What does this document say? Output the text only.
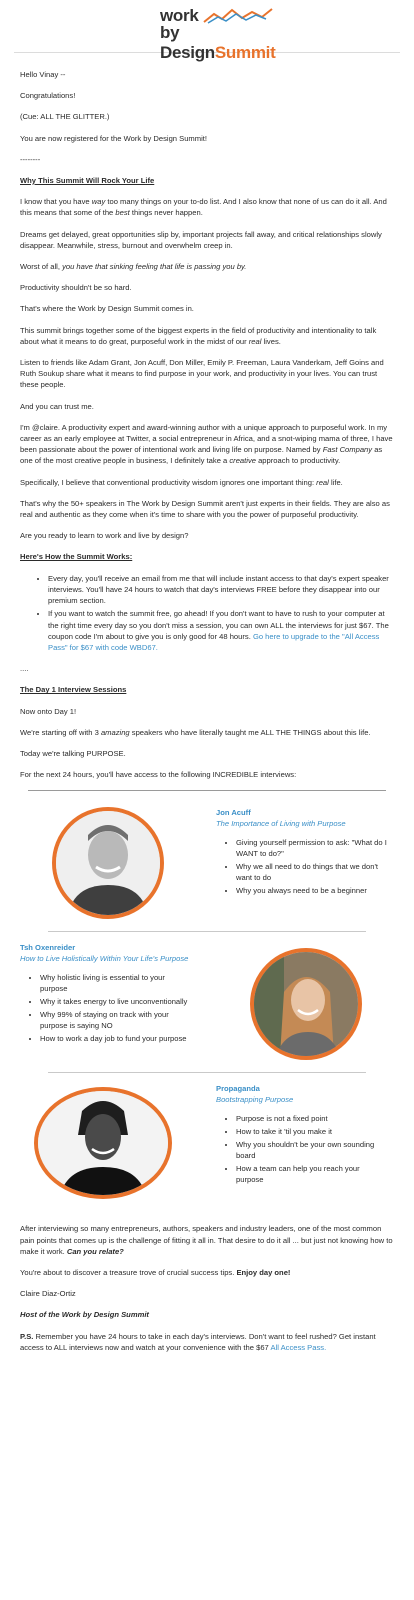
work
by DesignSummit

Hello Vinay --

Congratulations!

(Cue: ALL THE GLITTER.)

You are now registered for the Work by Design Summit!

--------

Why This Summit Will Rock Your Life

I know that you have way too many things on your to-do list. And I also know that none of us can do it all. And this means that some of the best things never happen.

Dreams get delayed, great opportunities slip by, important projects fall away, and critical relationships slowly disappear. Meanwhile, stress, burnout and overwhelm creep in.

Worst of all, you have that sinking feeling that life is passing you by.

Productivity shouldn't be so hard.

That's where the Work by Design Summit comes in.

This summit brings together some of the biggest experts in the field of productivity and intentionality to talk about what it means to do great, purposeful work in the midst of our real lives.

Listen to friends like Adam Grant, Jon Acuff, Don Miller, Emily P. Freeman, Laura Vanderkam, Jeff Goins and Ruth Soukup share what it means to find purpose in your work, and productivity in your lives. You can trust these people.

And you can trust me.

I'm @claire. A productivity expert and award-winning author with a unique approach to purposeful work. In my career as an early employee at Twitter, a social entrepreneur in Africa, and a snot-wiping mama of three, I have been passionate about the power of intentional work and living life on purpose. Named by Fast Company as one of the most creative people in business, I definitely take a creative approach to productivity.

Specifically, I believe that conventional productivity wisdom ignores one important thing: real life.

That's why the 50+ speakers in The Work by Design Summit aren't just experts in their fields. They are also as real and authentic as they come when it's time to share with you the power of purposeful productivity.

Are you ready to learn to work and live by design?

Here's How the Summit Works:
• Every day, you'll receive an email from me that will include instant access to that day's expert speaker interviews. You'll have 24 hours to watch that day's interviews FREE before they disappear into our premium section.
• If you want to watch the summit free, go ahead! If you don't want to have to rush to your computer at the right time every day so you don't miss a session, you can own ALL the interviews for just $67. The coupon code I'm about to give you is only good for 48 hours. Go here to upgrade to the "All Access Pass" for $67 with code WBD67.

....

The Day 1 Interview Sessions

Now onto Day 1!

We're starting off with 3 amazing speakers who have literally taught me ALL THE THINGS about this life.

Today we're talking PURPOSE.

For the next 24 hours, you'll have access to the following INCREDIBLE interviews:

Jon Acuff
The Importance of Living with Purpose
• Giving yourself permission to ask: "What do I WANT to do?"
• Why we all need to do things that we don't want to do
• Why you always need to be a beginner
Tsh Oxenreider
How to Live Holistically Within Your Life's Purpose
• Why holistic living is essential to your purpose
• Why it takes energy to live unconventionally
• Why 99% of staying on track with your purpose is saying NO
• How to work a day job to fund your purpose
Propaganda
Bootstrapping Purpose
• Purpose is not a fixed point
• How to take it 'til you make it
• Why you shouldn't be your own sounding board
• How a team can help you reach your purpose

After interviewing so many entrepreneurs, authors, speakers and industry leaders, one of the most common pain points that comes up is the challenge of fitting it all in. That desire to do it all ... but just not knowing how to make it work. Can you relate?

You're about to discover a treasure trove of crucial success tips. Enjoy day one!

Claire Diaz-Ortiz

Host of the Work by Design Summit

P.S. Remember you have 24 hours to take in each day's interviews. Don't want to feel rushed? Get instant access to ALL interviews now and watch at your convenience with the $67 All Access Pass.
